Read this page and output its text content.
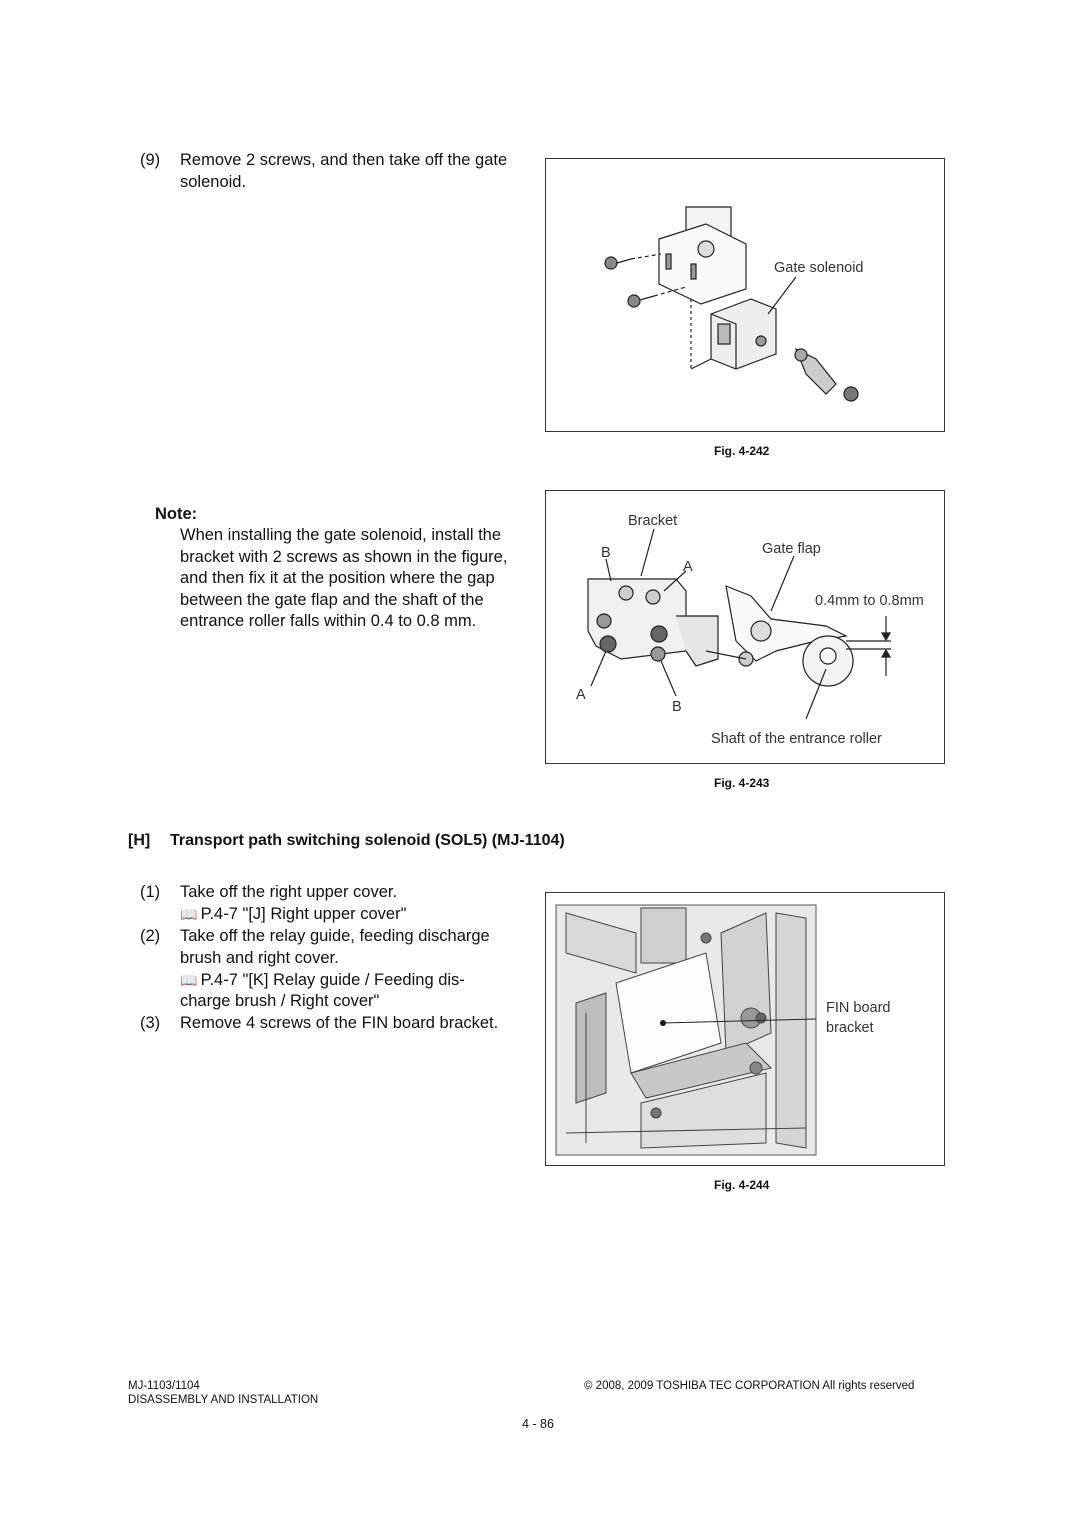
(9) Remove 2 screws, and then take off the gate
solenoid.
Gate solenoid
Fig. 4-242
Note:
When installing the gate solenoid, install the
bracket with 2 screws as shown in the figure,
and then fix it at the position where the gap
between the gate flap and the shaft of the
entrance roller falls within 0.4 to 0.8 mm.
Bracket
Gate flap
0.4mm to 0.8mm
B
A
A
B
Shaft of the entrance roller
Fig. 4-243
[H] Transport path switching solenoid (SOL5) (MJ-1104)
(1) Take off the right upper cover.
📖 P.4-7 "[J] Right upper cover"
(2) Take off the relay guide, feeding discharge
brush and right cover.
📖 P.4-7 "[K] Relay guide / Feeding dis-
charge brush / Right cover"
(3) Remove 4 screws of the FIN board bracket.
FIN board
bracket
Fig. 4-244
MJ-1103/1104
DISASSEMBLY AND INSTALLATION
© 2008, 2009 TOSHIBA TEC CORPORATION All rights reserved
4 - 86
